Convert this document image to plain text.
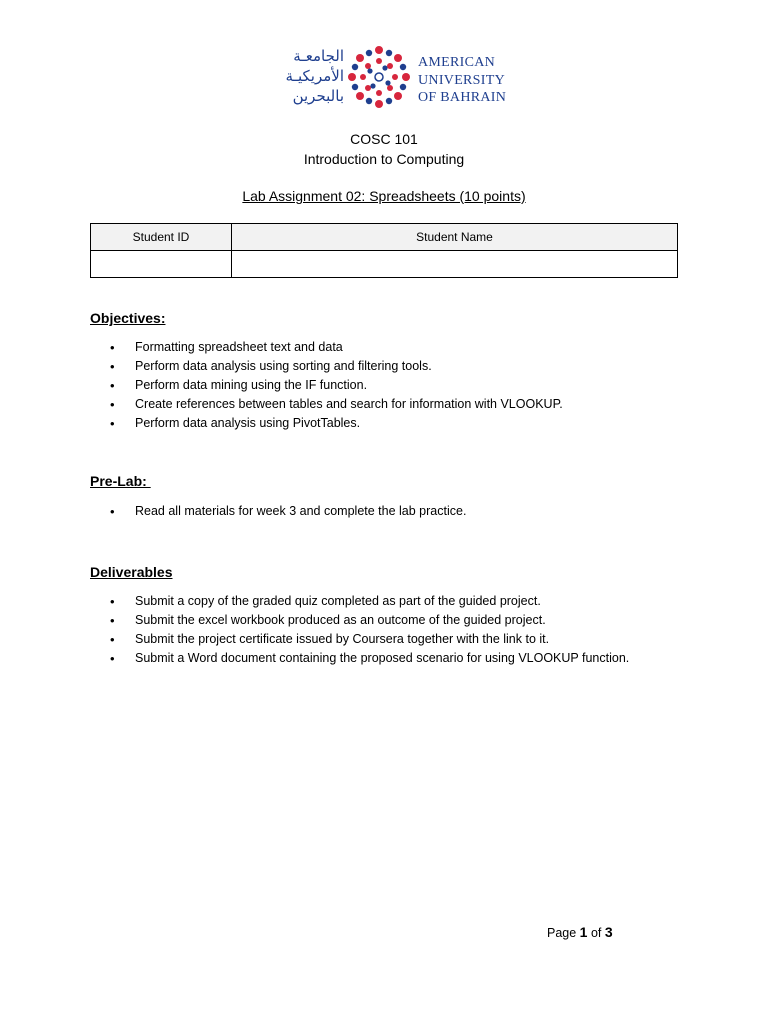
الجامعـة
الأمريكيـة
بالبحرين
AMERICAN
UNIVERSITY
OF BAHRAIN
COSC 101
Introduction to Computing
Lab Assignment 02: Spreadsheets (10 points)
Student ID	Student Name

Objectives:
• Formatting spreadsheet text and data
• Perform data analysis using sorting and filtering tools.
• Perform data mining using the IF function.
• Create references between tables and search for information with VLOOKUP.
• Perform data analysis using PivotTables.
Pre-Lab:
• Read all materials for week 3 and complete the lab practice.
Deliverables
• Submit a copy of the graded quiz completed as part of the guided project.
• Submit the excel workbook produced as an outcome of the guided project.
• Submit the project certificate issued by Coursera together with the link to it.
• Submit a Word document containing the proposed scenario for using VLOOKUP function.
Page 1 of 3
